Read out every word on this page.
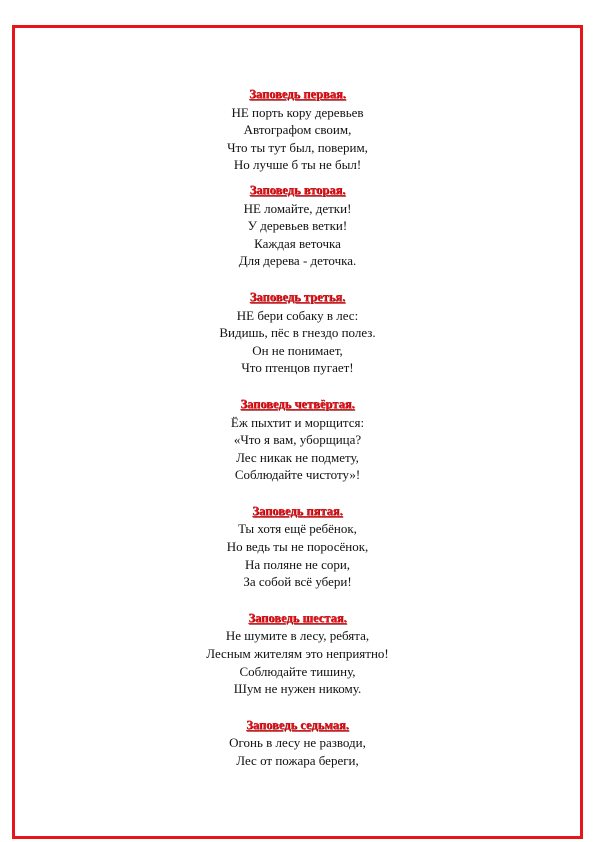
Заповедь первая.
НЕ порть кору деревьев
Автографом своим,
Что ты тут был, поверим,
Но лучше б ты не был!
Заповедь вторая.
НЕ ломайте, детки!
У деревьев ветки!
Каждая веточка
Для дерева - деточка.
Заповедь третья.
НЕ бери собаку в лес:
Видишь, пёс в гнездо полез.
Он не понимает,
Что птенцов пугает!
Заповедь четвёртая.
Ёж пыхтит и морщится:
«Что я вам, уборщица?
Лес никак не подмету,
Соблюдайте чистоту»!
Заповедь пятая.
Ты хотя ещё ребёнок,
Но ведь ты не поросёнок,
На поляне не сори,
За собой всё убери!
Заповедь шестая.
Не шумите в лесу, ребята,
Лесным жителям это неприятно!
Соблюдайте тишину,
Шум не нужен никому.
Заповедь седьмая.
Огонь в лесу не разводи,
Лес от пожара береги,
